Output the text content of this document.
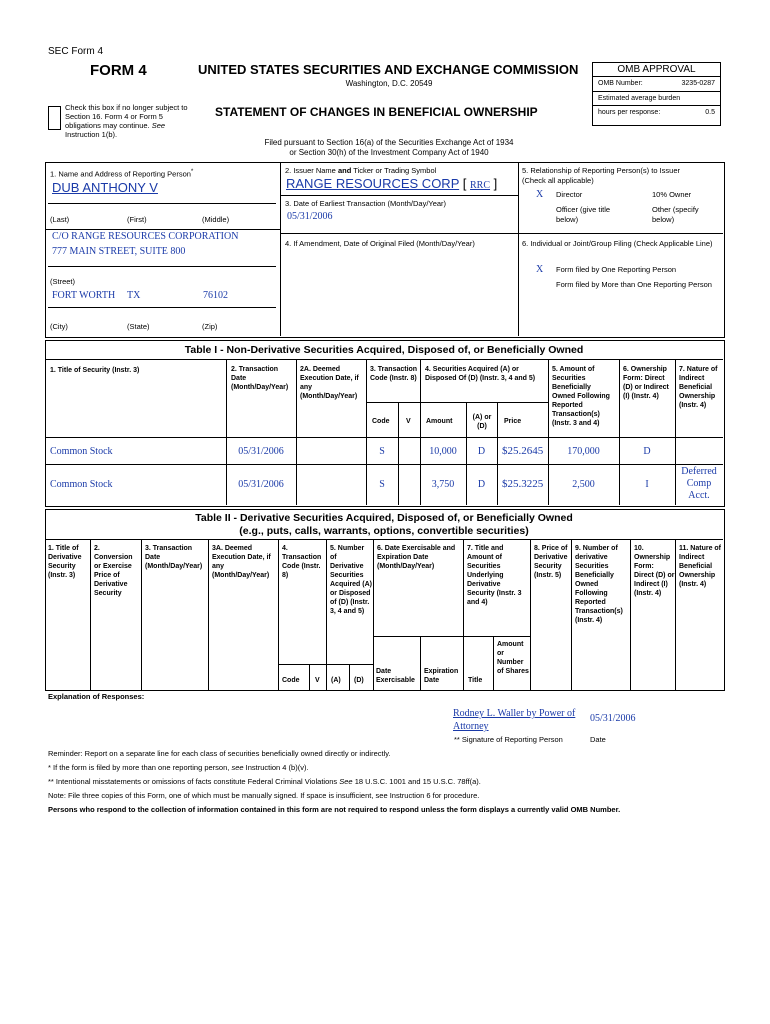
SEC Form 4
FORM 4	UNITED STATES SECURITIES AND EXCHANGE COMMISSION
Washington, D.C. 20549
Check this box if no longer subject to Section 16. Form 4 or Form 5 obligations may continue. See Instruction 1(b).
STATEMENT OF CHANGES IN BENEFICIAL OWNERSHIP
Filed pursuant to Section 16(a) of the Securities Exchange Act of 1934
or Section 30(h) of the Investment Company Act of 1940
OMB APPROVAL
OMB Number:	3235-0287
Estimated average burden
hours per response:	0.5
1. Name and Address of Reporting Person*
DUB ANTHONY V
(Last)	(First)	(Middle)
C/O RANGE RESOURCES CORPORATION
777 MAIN STREET, SUITE 800
(Street)
FORT WORTH TX	76102
(City)	(State)	(Zip)
2. Issuer Name and Ticker or Trading Symbol
RANGE RESOURCES CORP [ RRC ]
3. Date of Earliest Transaction (Month/Day/Year)
05/31/2006
4. If Amendment, Date of Original Filed (Month/Day/Year)
5. Relationship of Reporting Person(s) to Issuer
(Check all applicable)
X Director	10% Owner
Officer (give title below)
Other (specify below)
6. Individual or Joint/Group Filing (Check Applicable Line)
X Form filed by One Reporting Person
Form filed by More than One Reporting Person
Table I - Non-Derivative Securities Acquired, Disposed of, or Beneficially Owned
1. Title of Security (Instr. 3)	2. Transaction Date (Month/Day/Year)
2A. Deemed Execution Date, if any (Month/Day/Year)
3. Transaction Code (Instr. 8)
4. Securities Acquired (A) or Disposed Of (D) (Instr. 3, 4 and 5)
5. Amount of Securities Beneficially Owned Following Reported Transaction(s) (Instr. 3 and 4)
6. Ownership Form: Direct (D) or Indirect (I) (Instr. 4)
7. Nature of Indirect Beneficial Ownership (Instr. 4)
Code V Amount
(A) or (D)
Price
Common Stock	05/31/2006	S	10,000	D	$25.2645	170,000	D
Common Stock	05/31/2006	S	3,750	D	$25.3225	2,500	I
Deferred Comp Acct.
Table II - Derivative Securities Acquired, Disposed of, or Beneficially Owned
(e.g., puts, calls, warrants, options, convertible securities)
1. Title of Derivative Security (Instr. 3)
2. Conversion or Exercise Price of Derivative Security
3. Transaction Date (Month/Day/Year)
3A. Deemed Execution Date, if any (Month/Day/Year)
4. Transaction Code (Instr. 8)
5. Number of Derivative Securities Acquired (A) or Disposed of (D) (Instr. 3, 4 and 5)
6. Date Exercisable and Expiration Date (Month/Day/Year)
7. Title and Amount of Securities Underlying Derivative Security (Instr. 3 and 4)
8. Price of Derivative Security (Instr. 5)
9. Number of derivative Securities Beneficially Owned Following Reported Transaction(s) (Instr. 4)
10. Ownership Form: Direct (D) or Indirect (I) (Instr. 4)
11. Nature of Indirect Beneficial Ownership (Instr. 4)
Code V (A) (D)
Date Exercisable
Expiration Date	Title
Amount or Number of Shares
Explanation of Responses:
Rodney L. Waller by Power of Attorney
05/31/2006
** Signature of Reporting Person	Date
Reminder: Report on a separate line for each class of securities beneficially owned directly or indirectly.
* If the form is filed by more than one reporting person, see Instruction 4 (b)(v).
** Intentional misstatements or omissions of facts constitute Federal Criminal Violations See 18 U.S.C. 1001 and 15 U.S.C. 78ff(a).
Note: File three copies of this Form, one of which must be manually signed. If space is insufficient, see Instruction 6 for procedure.
Persons who respond to the collection of information contained in this form are not required to respond unless the form displays a currently valid OMB Number.
